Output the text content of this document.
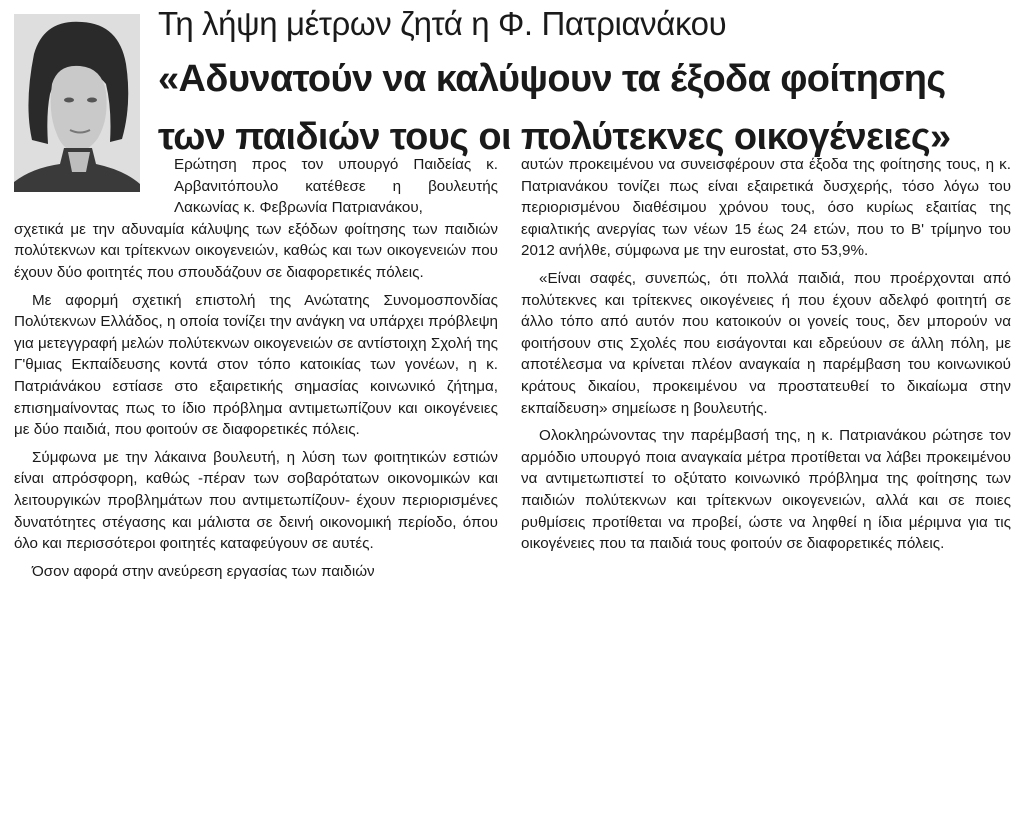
Τη λήψη μέτρων ζητά η Φ. Πατριανάκου
«Αδυνατούν να καλύψουν τα έξοδα φοίτησης
των παιδιών τους οι πολύτεκνες οικογένειες»

Ερώτηση προς τον υπουργό Παιδείας κ. Αρβανιτόπουλο κατέθεσε η βουλευτής Λακωνίας κ. Φεβρωνία Πατριανάκου,

σχετικά με την αδυναμία κάλυψης των εξόδων φοίτησης των παιδιών πολύτεκνων και τρίτεκνων οικογενειών, καθώς και των οικογενειών που έχουν δύο φοιτητές που σπουδάζουν σε διαφορετικές πόλεις.

Με αφορμή σχετική επιστολή της Ανώτατης Συνομοσπονδίας Πολύτεκνων Ελλάδος, η οποία τονίζει την ανάγκη να υπάρχει πρόβλεψη για μετεγγραφή μελών πολύτεκνων οικογενειών σε αντίστοιχη Σχολή της Γ'θμιας Εκπαίδευσης κοντά στον τόπο κατοικίας των γονέων, η κ. Πατριάνάκου εστίασε στο εξαιρετικής σημασίας κοινωνικό ζήτημα, επισημαίνοντας πως το ίδιο πρόβλημα αντιμετωπίζουν και οικογένειες με δύο παιδιά, που φοιτούν σε διαφορετικές πόλεις.

Σύμφωνα με την λάκαινα βουλευτή, η λύση των φοιτητικών εστιών είναι απρόσφορη, καθώς -πέραν των σοβαρότατων οικονομικών και λειτουργικών προβλημάτων που αντιμετωπίζουν- έχουν περιορισμένες δυνατότητες στέγασης και μάλιστα σε δεινή οικονομική περίοδο, όπου όλο και περισσότεροι φοιτητές καταφεύγουν σε αυτές.

Όσον αφορά στην ανεύρεση εργασίας των παιδιών

αυτών προκειμένου να συνεισφέρουν στα έξοδα της φοίτησης τους, η κ. Πατριανάκου τονίζει πως είναι εξαιρετικά δυσχερής, τόσο λόγω του περιορισμένου διαθέσιμου χρόνου τους, όσο κυρίως εξαιτίας της εφιαλτικής ανεργίας των νέων 15 έως 24 ετών, που το Β' τρίμηνο του 2012 ανήλθε, σύμφωνα με την eurostat, στο 53,9%.

«Είναι σαφές, συνεπώς, ότι πολλά παιδιά, που προέρχονται από πολύτεκνες και τρίτεκνες οικογένειες ή που έχουν αδελφό φοιτητή σε άλλο τόπο από αυτόν που κατοικούν οι γονείς τους, δεν μπορούν να φοιτήσουν στις Σχολές που εισάγονται και εδρεύουν σε άλλη πόλη, με αποτέλεσμα να κρίνεται πλέον αναγκαία η παρέμβαση του κοινωνικού κράτους δικαίου, προκειμένου να προστατευθεί το δικαίωμα στην εκπαίδευση» σημείωσε η βουλευτής.

Ολοκληρώνοντας την παρέμβασή της, η κ. Πατριανάκου ρώτησε τον αρμόδιο υπουργό ποια αναγκαία μέτρα προτίθεται να λάβει προκειμένου να αντιμετωπιστεί το οξύτατο κοινωνικό πρόβλημα της φοίτησης των παιδιών πολύτεκνων και τρίτεκνων οικογενειών, αλλά και σε ποιες ρυθμίσεις προτίθεται να προβεί, ώστε να ληφθεί η ίδια μέριμνα για τις οικογένειες που τα παιδιά τους φοιτούν σε διαφορετικές πόλεις.
